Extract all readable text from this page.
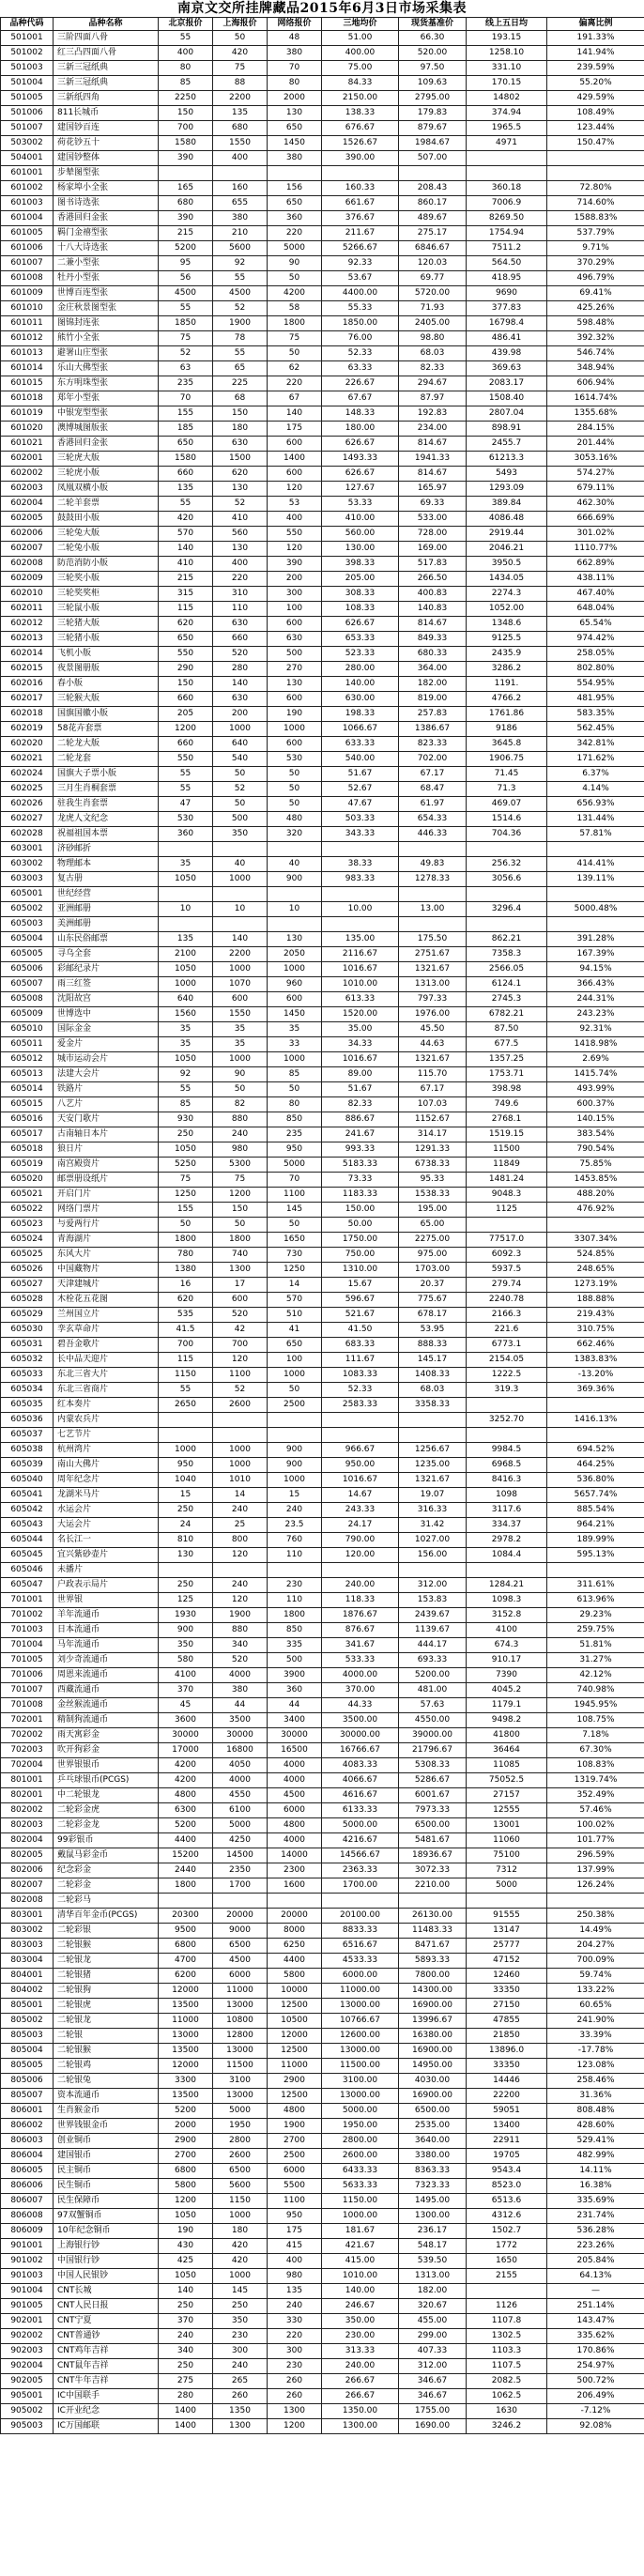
南京文交所挂牌藏品2015年6月3日市场采集表
品种代码	品种名称	北京报价	上海报价	网络报价	三地均价	现货基准价	线上五日均	偏离比例
501001	三阶四面八骨	55	50	48	51.00	66.30	193.15	191.33%
501002	红三凸四面八骨	400	420	380	400.00	520.00	1258.10	141.94%
501003	三新三冠纸典	80	75	70	75.00	97.50	331.10	239.59%
501004	三新三冠纸典	85	88	80	84.33	109.63	170.15	55.20%
501005	三新纸四角	2250	2200	2000	2150.00	2795.00	14802	429.59%
501006	811长城币	150	135	130	138.33	179.83	374.94	108.49%
501007	建国钞百连	700	680	650	676.67	879.67	1965.5	123.44%
503002	荷花钞五十	1580	1550	1450	1526.67	1984.67	4971	150.47%
504001	建国钞整体	390	400	380	390.00	507.00		
601001	步辇图型张							
601002	杨家埠小全张	165	160	156	160.33	208.43	360.18	72.80%
601003	图书诗选张	680	655	650	661.67	860.17	7006.9	714.60%
601004	香港回归金张	390	380	360	376.67	489.67	8269.50	1588.83%
601005	羁门金禧型张	215	210	220	211.67	275.17	1754.94	537.79%
601006	十八大诗选张	5200	5600	5000	5266.67	6846.67	7511.2	9.71%
601007	二兼小型张	95	92	90	92.33	120.03	564.50	370.29%
601008	牡丹小型张	56	55	50	53.67	69.77	418.95	496.79%
601009	世博百连型张	4500	4500	4200	4400.00	5720.00	9690	69.41%
601010	金庄秋景图型张	55	52	58	55.33	71.93	377.83	425.26%
601011	图锦封连张	1850	1900	1800	1850.00	2405.00	16798.4	598.48%
601012	熊竹小全张	75	78	75	76.00	98.80	486.41	392.32%
601013	避署山庄型张	52	55	50	52.33	68.03	439.98	546.74%
601014	乐山大佛型张	63	65	62	63.33	82.33	369.63	348.94%
601015	东方明珠型张	235	225	220	226.67	294.67	2083.17	606.94%
601018	郑年小型张	70	68	67	67.67	87.97	1508.40	1614.74%
601019	中银宠型型张	155	150	140	148.33	192.83	2807.04	1355.68%
601020	澳博城图版张	185	180	175	180.00	234.00	898.91	284.15%
601021	香港回归金张	650	630	600	626.67	814.67	2455.7	201.44%
602001	三轮虎大版	1580	1500	1400	1493.33	1941.33	61213.3	3053.16%
602002	三轮虎小版	660	620	600	626.67	814.67	5493	574.27%
602003	凤凰双横小版	135	130	120	127.67	165.97	1293.09	679.11%
602004	二轮羊套票	55	52	53	53.33	69.33	389.84	462.30%
602005	鼓鼓田小版	420	410	400	410.00	533.00	4086.48	666.69%
602006	三轮兔大版	570	560	550	560.00	728.00	2919.44	301.02%
602007	二轮兔小版	140	130	120	130.00	169.00	2046.21	1110.77%
602008	防范消防小版	410	400	390	398.33	517.83	3950.5	662.89%
602009	三轮奖小版	215	220	200	205.00	266.50	1434.05	438.11%
602010	三轮奖奖柜	315	310	300	308.33	400.83	2274.3	467.40%
602011	三轮鼠小版	115	110	100	108.33	140.83	1052.00	648.04%
602012	三轮猪大版	620	630	600	626.67	814.67	1348.6	65.54%
602013	三轮猪小版	650	660	630	653.33	849.33	9125.5	974.42%
602014	飞机小版	550	520	500	523.33	680.33	2435.9	258.05%
602015	夜景图册版	290	280	270	280.00	364.00	3286.2	802.80%
602016	春小版	150	140	130	140.00	182.00	1191.	554.95%
602017	三轮猴大版	660	630	600	630.00	819.00	4766.2	481.95%
602018	国旗国徽小版	205	200	190	198.33	257.83	1761.86	583.35%
602019	58花卉套票	1200	1000	1000	1066.67	1386.67	9186	562.45%
602020	二轮龙大版	660	640	600	633.33	823.33	3645.8	342.81%
602021	二轮龙套	550	540	530	540.00	702.00	1906.75	171.62%
602024	国旗大子票小版	55	50	50	51.67	67.17	71.45	6.37%
602025	三月生肖桐套票	55	52	50	52.67	68.47	71.3	4.14%
602026	驻我生肖套票	47	50	50	47.67	61.97	469.07	656.93%
602027	龙虎人文纪念	530	500	480	503.33	654.33	1514.6	131.44%
602028	祝福祖国本票	360	350	320	343.33	446.33	704.36	57.81%
603001	济砂邮折							
603002	物理邮本	35	40	40	38.33	49.83	256.32	414.41%
603003	复古册	1050	1000	900	983.33	1278.33	3056.6	139.11%
605001	世纪经营							
605002	亚洲邮册	10	10	10	10.00	13.00	3296.4	5000.48%
605003	美洲邮册							
605004	山东民俗邮票	135	140	130	135.00	175.50	862.21	391.28%
605005	寻乌全套	2100	2200	2050	2116.67	2751.67	7358.3	167.39%
605006	彩邮纪录片	1050	1000	1000	1016.67	1321.67	2566.05	94.15%
605007	雨三红签	1000	1070	960	1010.00	1313.00	6124.1	366.43%
605008	沈阳故宫	640	600	600	613.33	797.33	2745.3	244.31%
605009	世博选中	1560	1550	1450	1520.00	1976.00	6782.21	243.23%
605010	国际金金	35	35	35	35.00	45.50	87.50	92.31%
605011	爱金片	35	35	33	34.33	44.63	677.5	1418.98%
605012	城市运动会片	1050	1000	1000	1016.67	1321.67	1357.25	2.69%
605013	法建大会片	92	90	85	89.00	115.70	1753.71	1415.74%
605014	铁路片	55	50	50	51.67	67.17	398.98	493.99%
605015	八艺片	85	82	80	82.33	107.03	749.6	600.37%
605016	天安门歌片	930	880	850	886.67	1152.67	2768.1	140.15%
605017	古南轴日本片	250	240	235	241.67	314.17	1519.15	383.54%
605018	狼日片	1050	980	950	993.33	1291.33	11500	790.54%
605019	南宫殿资片	5250	5300	5000	5183.33	6738.33	11849	75.85%
605020	邮票册设纸片	75	75	70	73.33	95.33	1481.24	1453.85%
605021	开启门片	1250	1200	1100	1183.33	1538.33	9048.3	488.20%
605022	网络门票片	155	150	145	150.00	195.00	1125	476.92%
605023	与爱两行片	50	50	50	50.00	65.00		
605024	青海湖片	1800	1800	1650	1750.00	2275.00	77517.0	3307.34%
605025	东风大片	780	740	730	750.00	975.00	6092.3	524.85%
605026	中国藏物片	1380	1300	1250	1310.00	1703.00	5937.5	248.65%
605027	天津建城片	16	17	14	15.67	20.37	279.74	1273.19%
605028	木栓花五花图	620	600	570	596.67	775.67	2240.78	188.88%
605029	兰州国立片	535	520	510	521.67	678.17	2166.3	219.43%
605030	孪玄草命片	41.5	42	41	41.50	53.95	221.6	310.75%
605031	碧吾金歌片	700	700	650	683.33	888.33	6773.1	662.46%
605032	长中品天迎片	115	120	100	111.67	145.17	2154.05	1383.83%
605033	东北三省大片	1150	1100	1000	1083.33	1408.33	1222.5	-13.20%
605034	东北三省商片	55	52	50	52.33	68.03	319.3	369.36%
605035	红本奏片	2650	2600	2500	2583.33	3358.33		
605036	内蒙农兵片						3252.70	1416.13%
605037	七艺节片							
605038	杭州湾片	1000	1000	900	966.67	1256.67	9984.5	694.52%
605039	南山大佛片	950	1000	900	950.00	1235.00	6968.5	464.25%
605040	周年纪念片	1040	1010	1000	1016.67	1321.67	8416.3	536.80%
605041	龙湖米马片	15	14	15	14.67	19.07	1098	5657.74%
605042	水运会片	250	240	240	243.33	316.33	3117.6	885.54%
605043	大运会片	24	25	23.5	24.17	31.42	334.37	964.21%
605044	名长江一	810	800	760	790.00	1027.00	2978.2	189.99%
605045	宜兴紫砂壶片	130	120	110	120.00	156.00	1084.4	595.13%
605046	未播片							
605047	户政表示局片	250	240	230	240.00	312.00	1284.21	311.61%
701001	世界银	125	120	110	118.33	153.83	1098.3	613.96%
701002	羊年流通币	1930	1900	1800	1876.67	2439.67	3152.8	29.23%
701003	日本流通币	900	880	850	876.67	1139.67	4100	259.75%
701004	马年流通币	350	340	335	341.67	444.17	674.3	51.81%
701005	刘少奇流通币	580	520	500	533.33	693.33	910.17	31.27%
701006	周恩来流通币	4100	4000	3900	4000.00	5200.00	7390	42.12%
701007	西藏流通币	370	380	360	370.00	481.00	4045.2	740.98%
701008	金丝猴流通币	45	44	44	44.33	57.63	1179.1	1945.95%
702001	精制狗流通币	3600	3500	3400	3500.00	4550.00	9498.2	108.75%
702002	雨天寓彩金	30000	30000	30000	30000.00	39000.00	41800	7.18%
702003	吹开狗彩金	17000	16800	16500	16766.67	21796.67	36464	67.30%
702004	世界银银币	4200	4050	4000	4083.33	5308.33	11085	108.83%
801001	乒乓球银币(PCGS)	4200	4000	4000	4066.67	5286.67	75052.5	1319.74%
802001	中二轮银龙	4800	4550	4500	4616.67	6001.67	27157	352.49%
802002	二轮彩金虎	6300	6100	6000	6133.33	7973.33	12555	57.46%
802003	二轮彩金龙	5200	5000	4800	5000.00	6500.00	13001	100.02%
802004	99彩银币	4400	4250	4000	4216.67	5481.67	11060	101.77%
802005	戴鼠马彩金币	15200	14500	14000	14566.67	18936.67	75100	296.59%
802006	纪念彩金	2440	2350	2300	2363.33	3072.33	7312	137.99%
802007	二轮彩金	1800	1700	1600	1700.00	2210.00	5000	126.24%
802008	二轮彩马							
803001	清华百年金币(PCGS)	20300	20000	20000	20100.00	26130.00	91555	250.38%
803002	二轮彩银	9500	9000	8000	8833.33	11483.33	13147	14.49%
803003	二轮银猴	6800	6500	6250	6516.67	8471.67	25777	204.27%
803004	二轮银龙	4700	4500	4400	4533.33	5893.33	47152	700.09%
804001	二轮银猪	6200	6000	5800	6000.00	7800.00	12460	59.74%
804002	二轮银狗	12000	11000	10000	11000.00	14300.00	33350	133.22%
805001	二轮银虎	13500	13000	12500	13000.00	16900.00	27150	60.65%
805002	二轮银龙	11000	10800	10500	10766.67	13996.67	47855	241.90%
805003	二轮银	13000	12800	12000	12600.00	16380.00	21850	33.39%
805004	二轮银猴	13500	13000	12500	13000.00	16900.00	13896.0	-17.78%
805005	二轮银鸡	12000	11500	11000	11500.00	14950.00	33350	123.08%
805006	二轮银兔	3300	3100	2900	3100.00	4030.00	14446	258.46%
805007	资本流通币	13500	13000	12500	13000.00	16900.00	22200	31.36%
806001	生肖猴金币	5200	5000	4800	5000.00	6500.00	59051	808.48%
806002	世界钱银金币	2000	1950	1900	1950.00	2535.00	13400	428.60%
806003	创业铜币	2900	2800	2700	2800.00	3640.00	22911	529.41%
806004	建国银币	2700	2600	2500	2600.00	3380.00	19705	482.99%
806005	民主铜币	6800	6500	6000	6433.33	8363.33	9543.4	14.11%
806006	民生铜币	5800	5600	5500	5633.33	7323.33	8523.0	16.38%
806007	民生保障币	1200	1150	1100	1150.00	1495.00	6513.6	335.69%
806008	97双蟹铜币	1050	1000	950	1000.00	1300.00	4312.6	231.74%
806009	10年纪念铜币	190	180	175	181.67	236.17	1502.7	536.28%
901001	上海银行钞	430	420	415	421.67	548.17	1772	223.26%
901002	中国银行钞	425	420	400	415.00	539.50	1650	205.84%
901003	中国人民银钞	1050	1000	980	1010.00	1313.00	2155	64.13%
901004	CNT长城	140	145	135	140.00	182.00		—
901005	CNT人民日报	250	250	240	246.67	320.67	1126	251.14%
902001	CNT宁夏	370	350	330	350.00	455.00	1107.8	143.47%
902002	CNT普通钞	240	230	220	230.00	299.00	1302.5	335.62%
902003	CNT鸡年吉祥	340	300	300	313.33	407.33	1103.3	170.86%
902004	CNT鼠年吉祥	250	240	230	240.00	312.00	1107.5	254.97%
902005	CNT牛年吉祥	275	265	260	266.67	346.67	2082.5	500.72%
905001	IC中国联手	280	260	260	266.67	346.67	1062.5	206.49%
905002	IC开业纪念	1400	1350	1300	1350.00	1755.00	1630	-7.12%
905003	IC万国邮联	1400	1300	1200	1300.00	1690.00	3246.2	92.08%
